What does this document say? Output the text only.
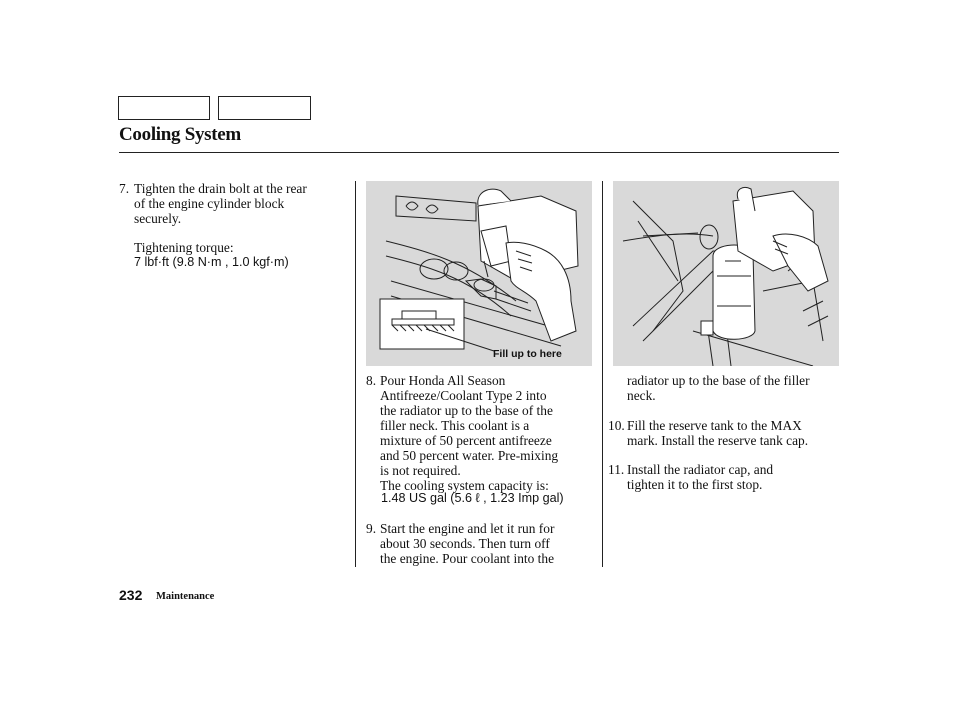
Cooling System
7. Tighten the drain bolt at the rear
of the engine cylinder block
securely.
Tightening torque:
7 lbf·ft (9.8 N·m , 1.0 kgf·m)
Fill up to here
8. Pour Honda All Season
Antifreeze/Coolant Type 2 into
the radiator up to the base of the
filler neck. This coolant is a
mixture of 50 percent antifreeze
and 50 percent water. Pre-mixing
is not required.
The cooling system capacity is:
1.48 US gal (5.6 ℓ , 1.23 Imp gal)
9. Start the engine and let it run for
about 30 seconds. Then turn off
the engine. Pour coolant into the
radiator up to the base of the filler
neck.
10. Fill the reserve tank to the MAX
mark. Install the reserve tank cap.
11. Install the radiator cap, and
tighten it to the first stop.
232 Maintenance
